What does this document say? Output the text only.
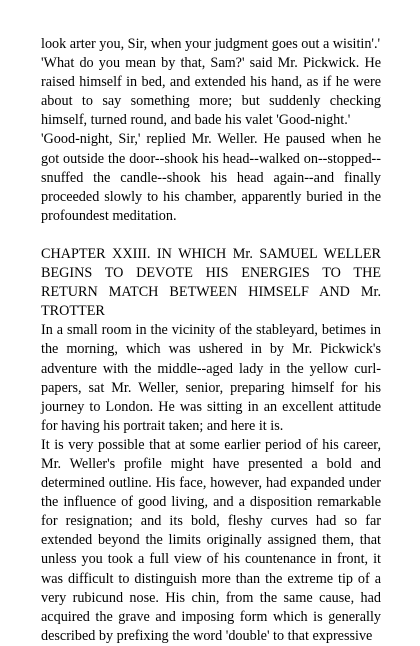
look arter you, Sir, when your judgment goes out a wisitin'.'

'What do you mean by that, Sam?' said Mr. Pickwick. He raised himself in bed, and extended his hand, as if he were about to say something more; but suddenly checking himself, turned round, and bade his valet 'Good-night.'

'Good-night, Sir,' replied Mr. Weller. He paused when he got outside the door--shook his head--walked on--stopped--snuffed the candle--shook his head again--and finally proceeded slowly to his chamber, apparently buried in the profoundest meditation.

CHAPTER XXIII. IN WHICH Mr. SAMUEL WELLER BEGINS TO DEVOTE HIS ENERGIES TO THE RETURN MATCH BETWEEN HIMSELF AND Mr. TROTTER

In a small room in the vicinity of the stableyard, betimes in the morning, which was ushered in by Mr. Pickwick's adventure with the middle--aged lady in the yellow curl-papers, sat Mr. Weller, senior, preparing himself for his journey to London. He was sitting in an excellent attitude for having his portrait taken; and here it is.

It is very possible that at some earlier period of his career, Mr. Weller's profile might have presented a bold and determined outline. His face, however, had expanded under the influence of good living, and a disposition remarkable for resignation; and its bold, fleshy curves had so far extended beyond the limits originally assigned them, that unless you took a full view of his countenance in front, it was difficult to distinguish more than the extreme tip of a very rubicund nose. His chin, from the same cause, had acquired the grave and imposing form which is generally described by prefixing the word 'double' to that expressive
